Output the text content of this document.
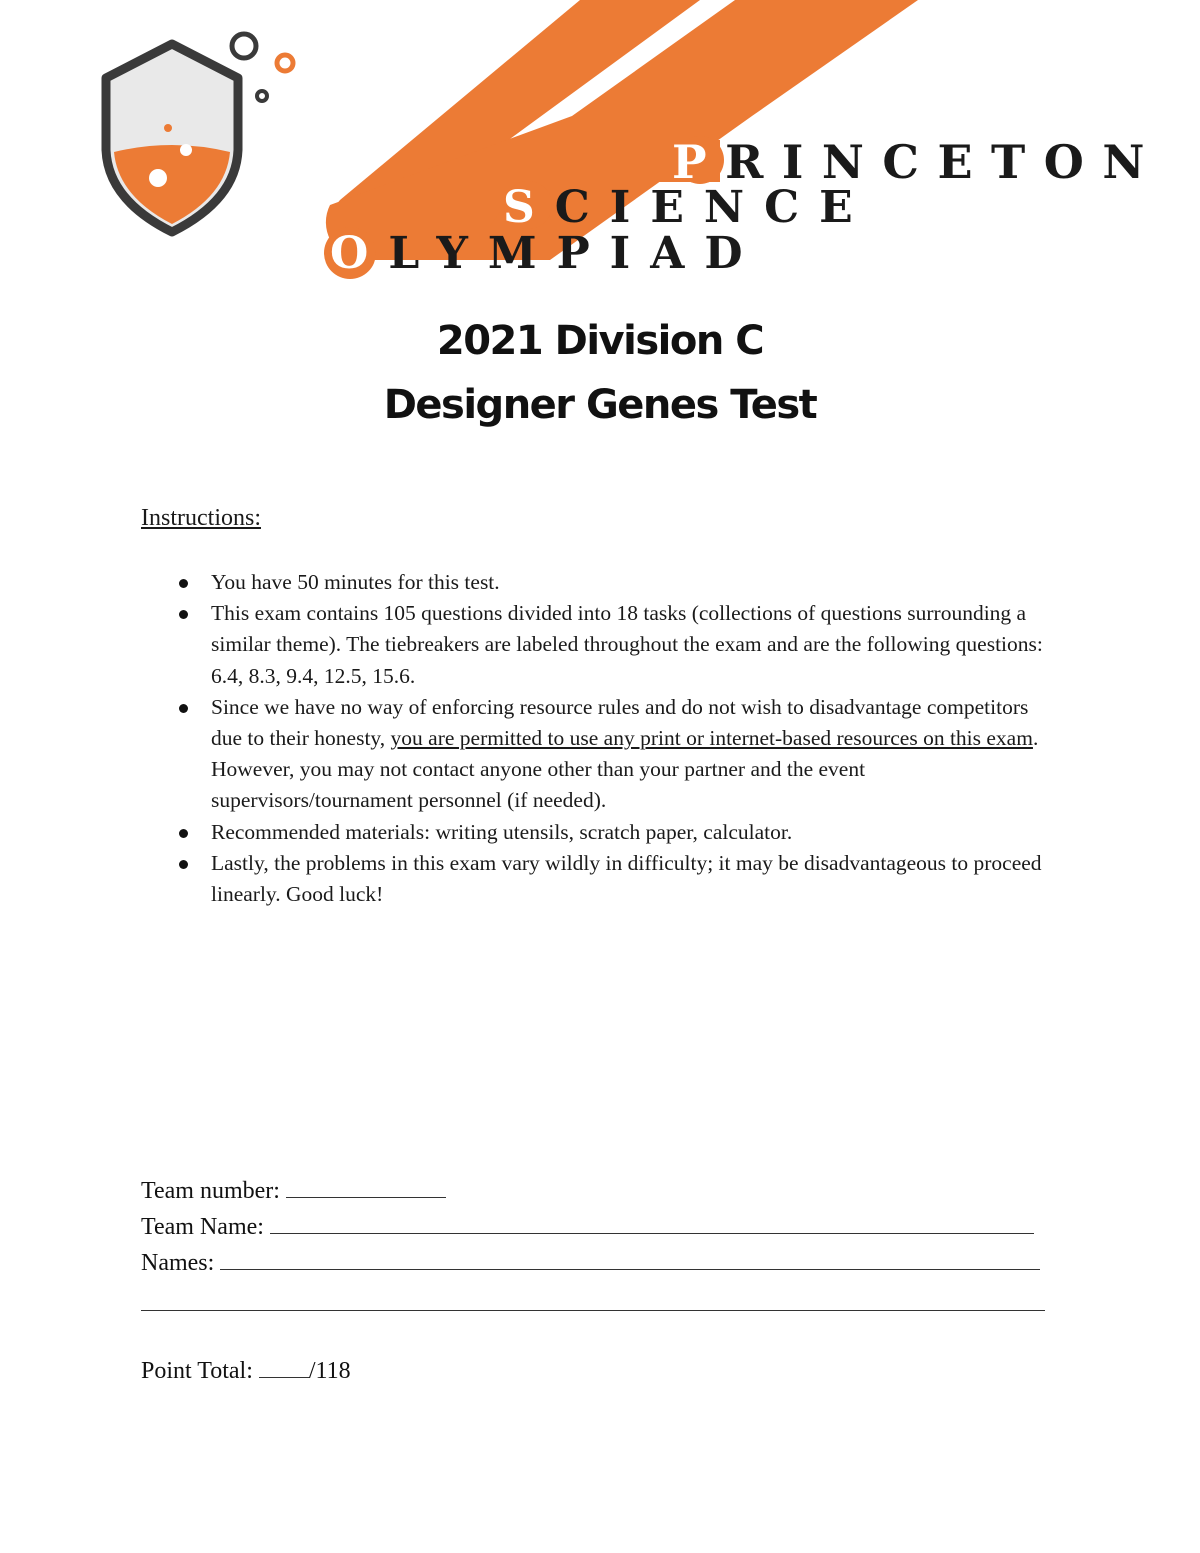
PRINCETON
SCIENCE
OLYMPIAD
2021 Division C
Designer Genes Test
Instructions:
You have 50 minutes for this test.
This exam contains 105 questions divided into 18 tasks (collections of questions surrounding a similar theme). The tiebreakers are labeled throughout the exam and are the following questions: 6.4, 8.3, 9.4, 12.5, 15.6.
Since we have no way of enforcing resource rules and do not wish to disadvantage competitors due to their honesty, you are permitted to use any print or internet-based resources on this exam. However, you may not contact anyone other than your partner and the event supervisors/tournament personnel (if needed).
Recommended materials: writing utensils, scratch paper, calculator.
Lastly, the problems in this exam vary wildly in difficulty; it may be disadvantageous to proceed linearly. Good luck!
Team number:
Team Name:
Names:
Point Total: /118
